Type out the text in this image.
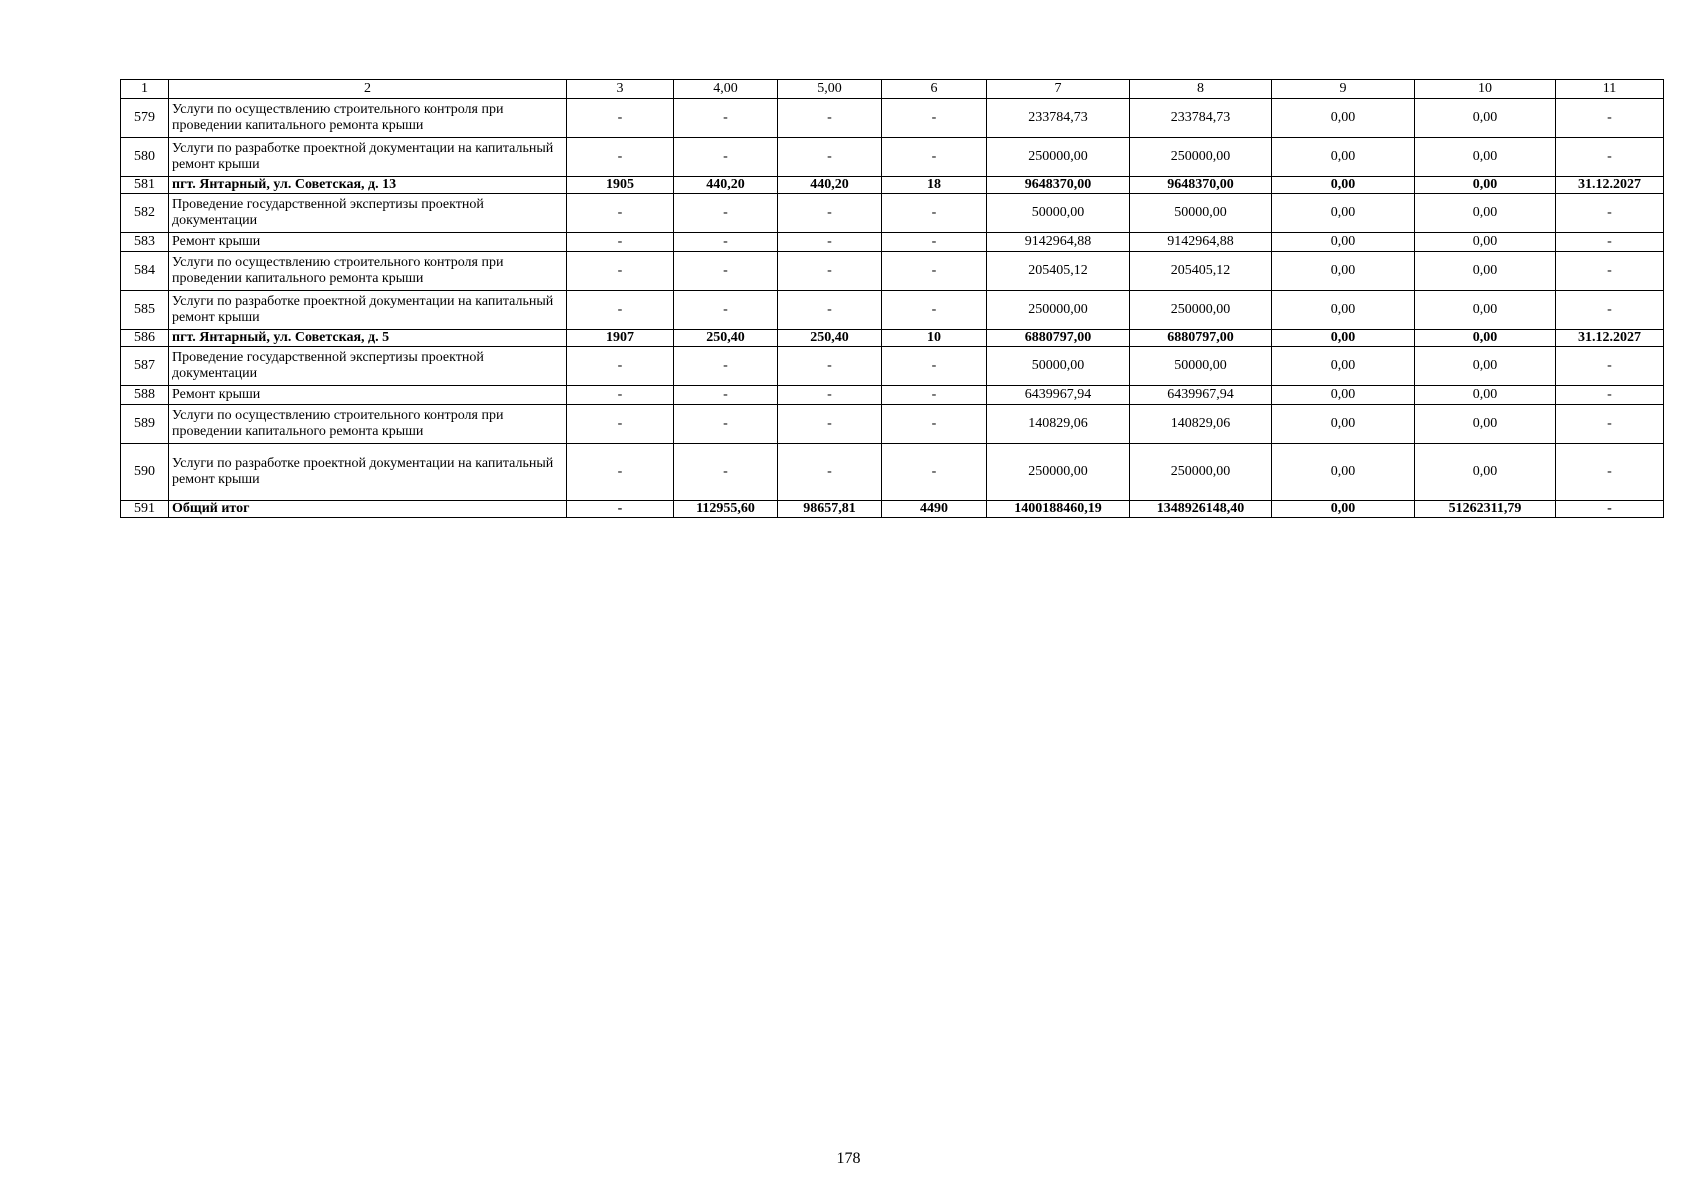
1	2	3	4,00	5,00	6	7	8	9	10	11
579	Услуги по осуществлению строительного контроля при проведении капитального ремонта крыши	-	-	-	-	233784,73	233784,73	0,00	0,00	-
580	Услуги по разработке проектной документации на капитальный ремонт крыши	-	-	-	-	250000,00	250000,00	0,00	0,00	-
581	пгт. Янтарный, ул. Советская, д. 13	1905	440,20	440,20	18	9648370,00	9648370,00	0,00	0,00	31.12.2027
582	Проведение государственной экспертизы проектной документации	-	-	-	-	50000,00	50000,00	0,00	0,00	-
583	Ремонт крыши	-	-	-	-	9142964,88	9142964,88	0,00	0,00	-
584	Услуги по осуществлению строительного контроля при проведении капитального ремонта крыши	-	-	-	-	205405,12	205405,12	0,00	0,00	-
585	Услуги по разработке проектной документации на капитальный ремонт крыши	-	-	-	-	250000,00	250000,00	0,00	0,00	-
586	пгт. Янтарный, ул. Советская, д. 5	1907	250,40	250,40	10	6880797,00	6880797,00	0,00	0,00	31.12.2027
587	Проведение государственной экспертизы проектной документации	-	-	-	-	50000,00	50000,00	0,00	0,00	-
588	Ремонт крыши	-	-	-	-	6439967,94	6439967,94	0,00	0,00	-
589	Услуги по осуществлению строительного контроля при проведении капитального ремонта крыши	-	-	-	-	140829,06	140829,06	0,00	0,00	-
590	Услуги по разработке проектной документации на капитальный ремонт крыши	-	-	-	-	250000,00	250000,00	0,00	0,00	-
591	Общий итог	-	112955,60	98657,81	4490	1400188460,19	1348926148,40	0,00	51262311,79	-
178
